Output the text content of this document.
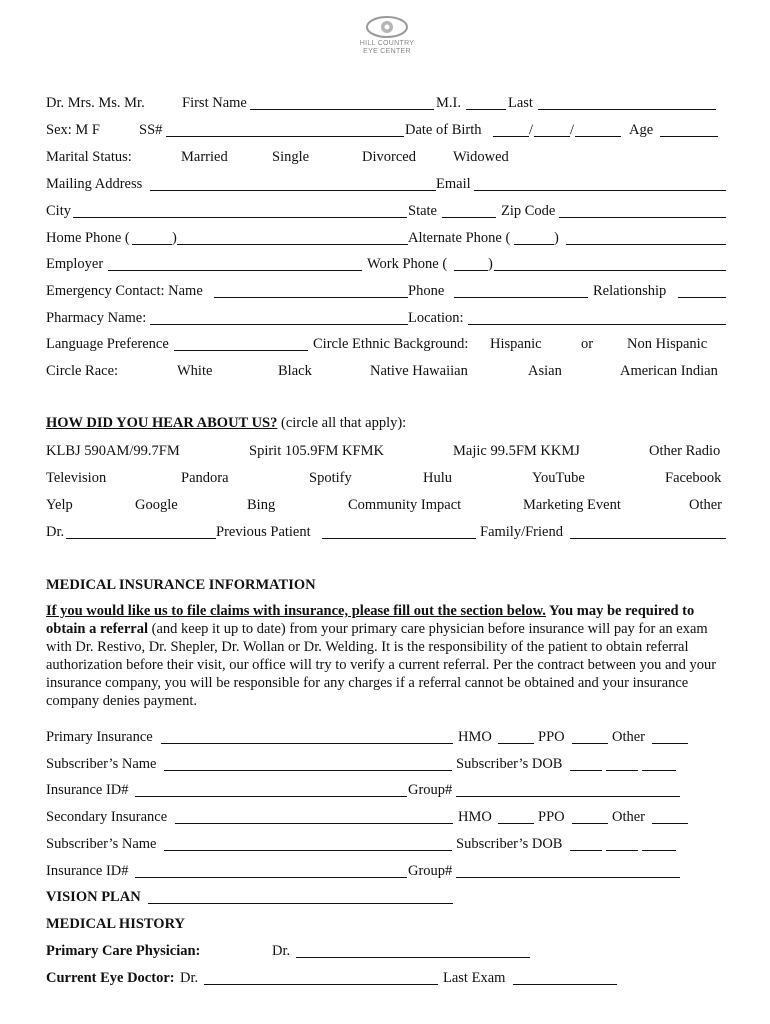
HILL COUNTRY
EYE CENTER
Dr. Mrs. Ms. Mr.	First Name	M.I.	Last
Sex: M F	SS#	Date of Birth	/	/	Age
Marital Status:	Married	Single	Divorced	Widowed
Mailing Address	Email
City	State	Zip Code
Home Phone (	)	Alternate Phone (	)
Employer	Work Phone (	)
Emergency Contact: Name	Phone	Relationship
Pharmacy Name:	Location:
Language Preference	Circle Ethnic Background: Hispanic	or Non Hispanic
Circle Race:	White	Black	Native Hawaiian	Asian	American Indian
HOW DID YOU HEAR ABOUT US? (circle all that apply):
KLBJ 590AM/99.7FM	Spirit 105.9FM KFMK	Majic 99.5FM KKMJ	Other Radio
Television	Pandora	Spotify	Hulu	YouTube	Facebook
Yelp	Google	Bing	Community Impact	Marketing Event	Other
Dr.	Previous Patient	Family/Friend
MEDICAL INSURANCE INFORMATION
If you would like us to file claims with insurance, please fill out the section below. You may be required to obtain a referral (and keep it up to date) from your primary care physician before insurance will pay for an exam with Dr. Restivo, Dr. Shepler, Dr. Wollan or Dr. Welding. It is the responsibility of the patient to obtain referral authorization before their visit, our office will try to verify a current referral. Per the contract between you and your insurance company, you will be responsible for any charges if a referral cannot be obtained and your insurance company denies payment.
Primary Insurance	HMO	PPO	Other
Subscriber’s Name	Subscriber’s DOB
Insurance ID#	Group#
Secondary Insurance	HMO	PPO	Other
Subscriber’s Name	Subscriber’s DOB
Insurance ID#	Group#
VISION PLAN
MEDICAL HISTORY
Primary Care Physician:	Dr.
Current Eye Doctor: Dr.	Last Exam
